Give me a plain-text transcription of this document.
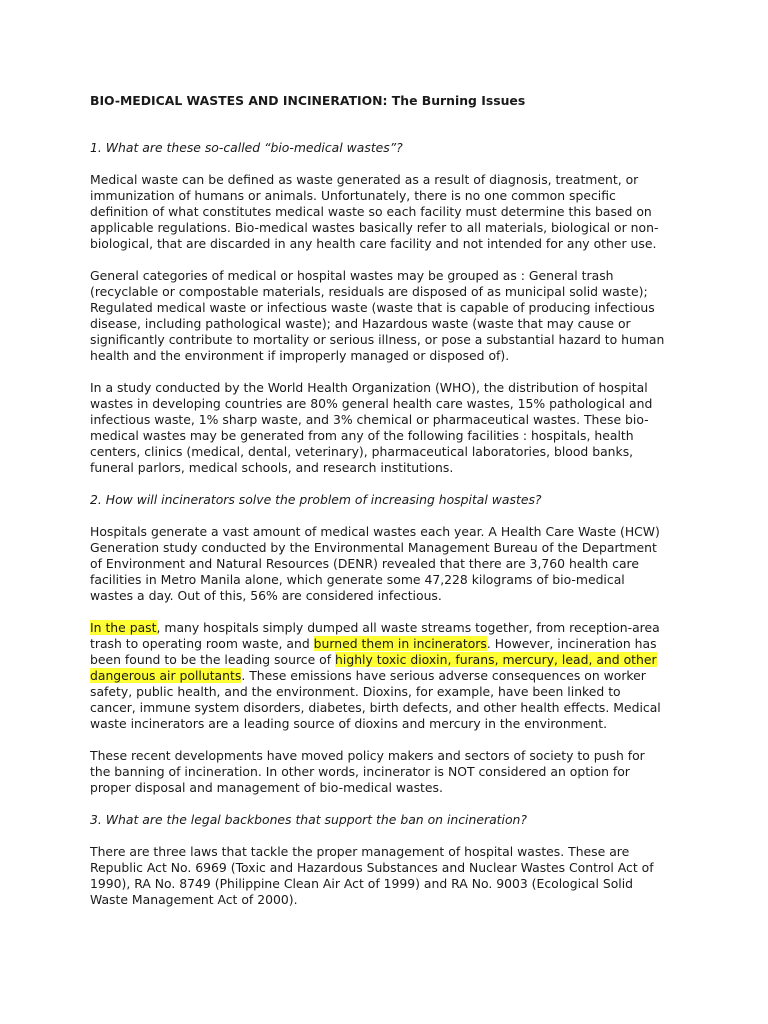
BIO-MEDICAL WASTES AND INCINERATION: The Burning Issues
1. What are these so-called “bio-medical wastes”?
Medical waste can be defined as waste generated as a result of diagnosis, treatment, or
immunization of humans or animals. Unfortunately, there is no one common specific
definition of what constitutes medical waste so each facility must determine this based on
applicable regulations. Bio-medical wastes basically refer to all materials, biological or non-
biological, that are discarded in any health care facility and not intended for any other use.
General categories of medical or hospital wastes may be grouped as : General trash
(recyclable or compostable materials, residuals are disposed of as municipal solid waste);
Regulated medical waste or infectious waste (waste that is capable of producing infectious
disease, including pathological waste); and Hazardous waste (waste that may cause or
significantly contribute to mortality or serious illness, or pose a substantial hazard to human
health and the environment if improperly managed or disposed of).
In a study conducted by the World Health Organization (WHO), the distribution of hospital
wastes in developing countries are 80% general health care wastes, 15% pathological and
infectious waste, 1% sharp waste, and 3% chemical or pharmaceutical wastes. These bio-
medical wastes may be generated from any of the following facilities : hospitals, health
centers, clinics (medical, dental, veterinary), pharmaceutical laboratories, blood banks,
funeral parlors, medical schools, and research institutions.
2. How will incinerators solve the problem of increasing hospital wastes?
Hospitals generate a vast amount of medical wastes each year. A Health Care Waste (HCW)
Generation study conducted by the Environmental Management Bureau of the Department
of Environment and Natural Resources (DENR) revealed that there are 3,760 health care
facilities in Metro Manila alone, which generate some 47,228 kilograms of bio-medical
wastes a day. Out of this, 56% are considered infectious.
In the past, many hospitals simply dumped all waste streams together, from reception-area
trash to operating room waste, and burned them in incinerators. However, incineration has
been found to be the leading source of highly toxic dioxin, furans, mercury, lead, and other
dangerous air pollutants. These emissions have serious adverse consequences on worker
safety, public health, and the environment. Dioxins, for example, have been linked to
cancer, immune system disorders, diabetes, birth defects, and other health effects. Medical
waste incinerators are a leading source of dioxins and mercury in the environment.
These recent developments have moved policy makers and sectors of society to push for
the banning of incineration. In other words, incinerator is NOT considered an option for
proper disposal and management of bio-medical wastes.
3. What are the legal backbones that support the ban on incineration?
There are three laws that tackle the proper management of hospital wastes. These are
Republic Act No. 6969 (Toxic and Hazardous Substances and Nuclear Wastes Control Act of
1990), RA No. 8749 (Philippine Clean Air Act of 1999) and RA No. 9003 (Ecological Solid
Waste Management Act of 2000).
